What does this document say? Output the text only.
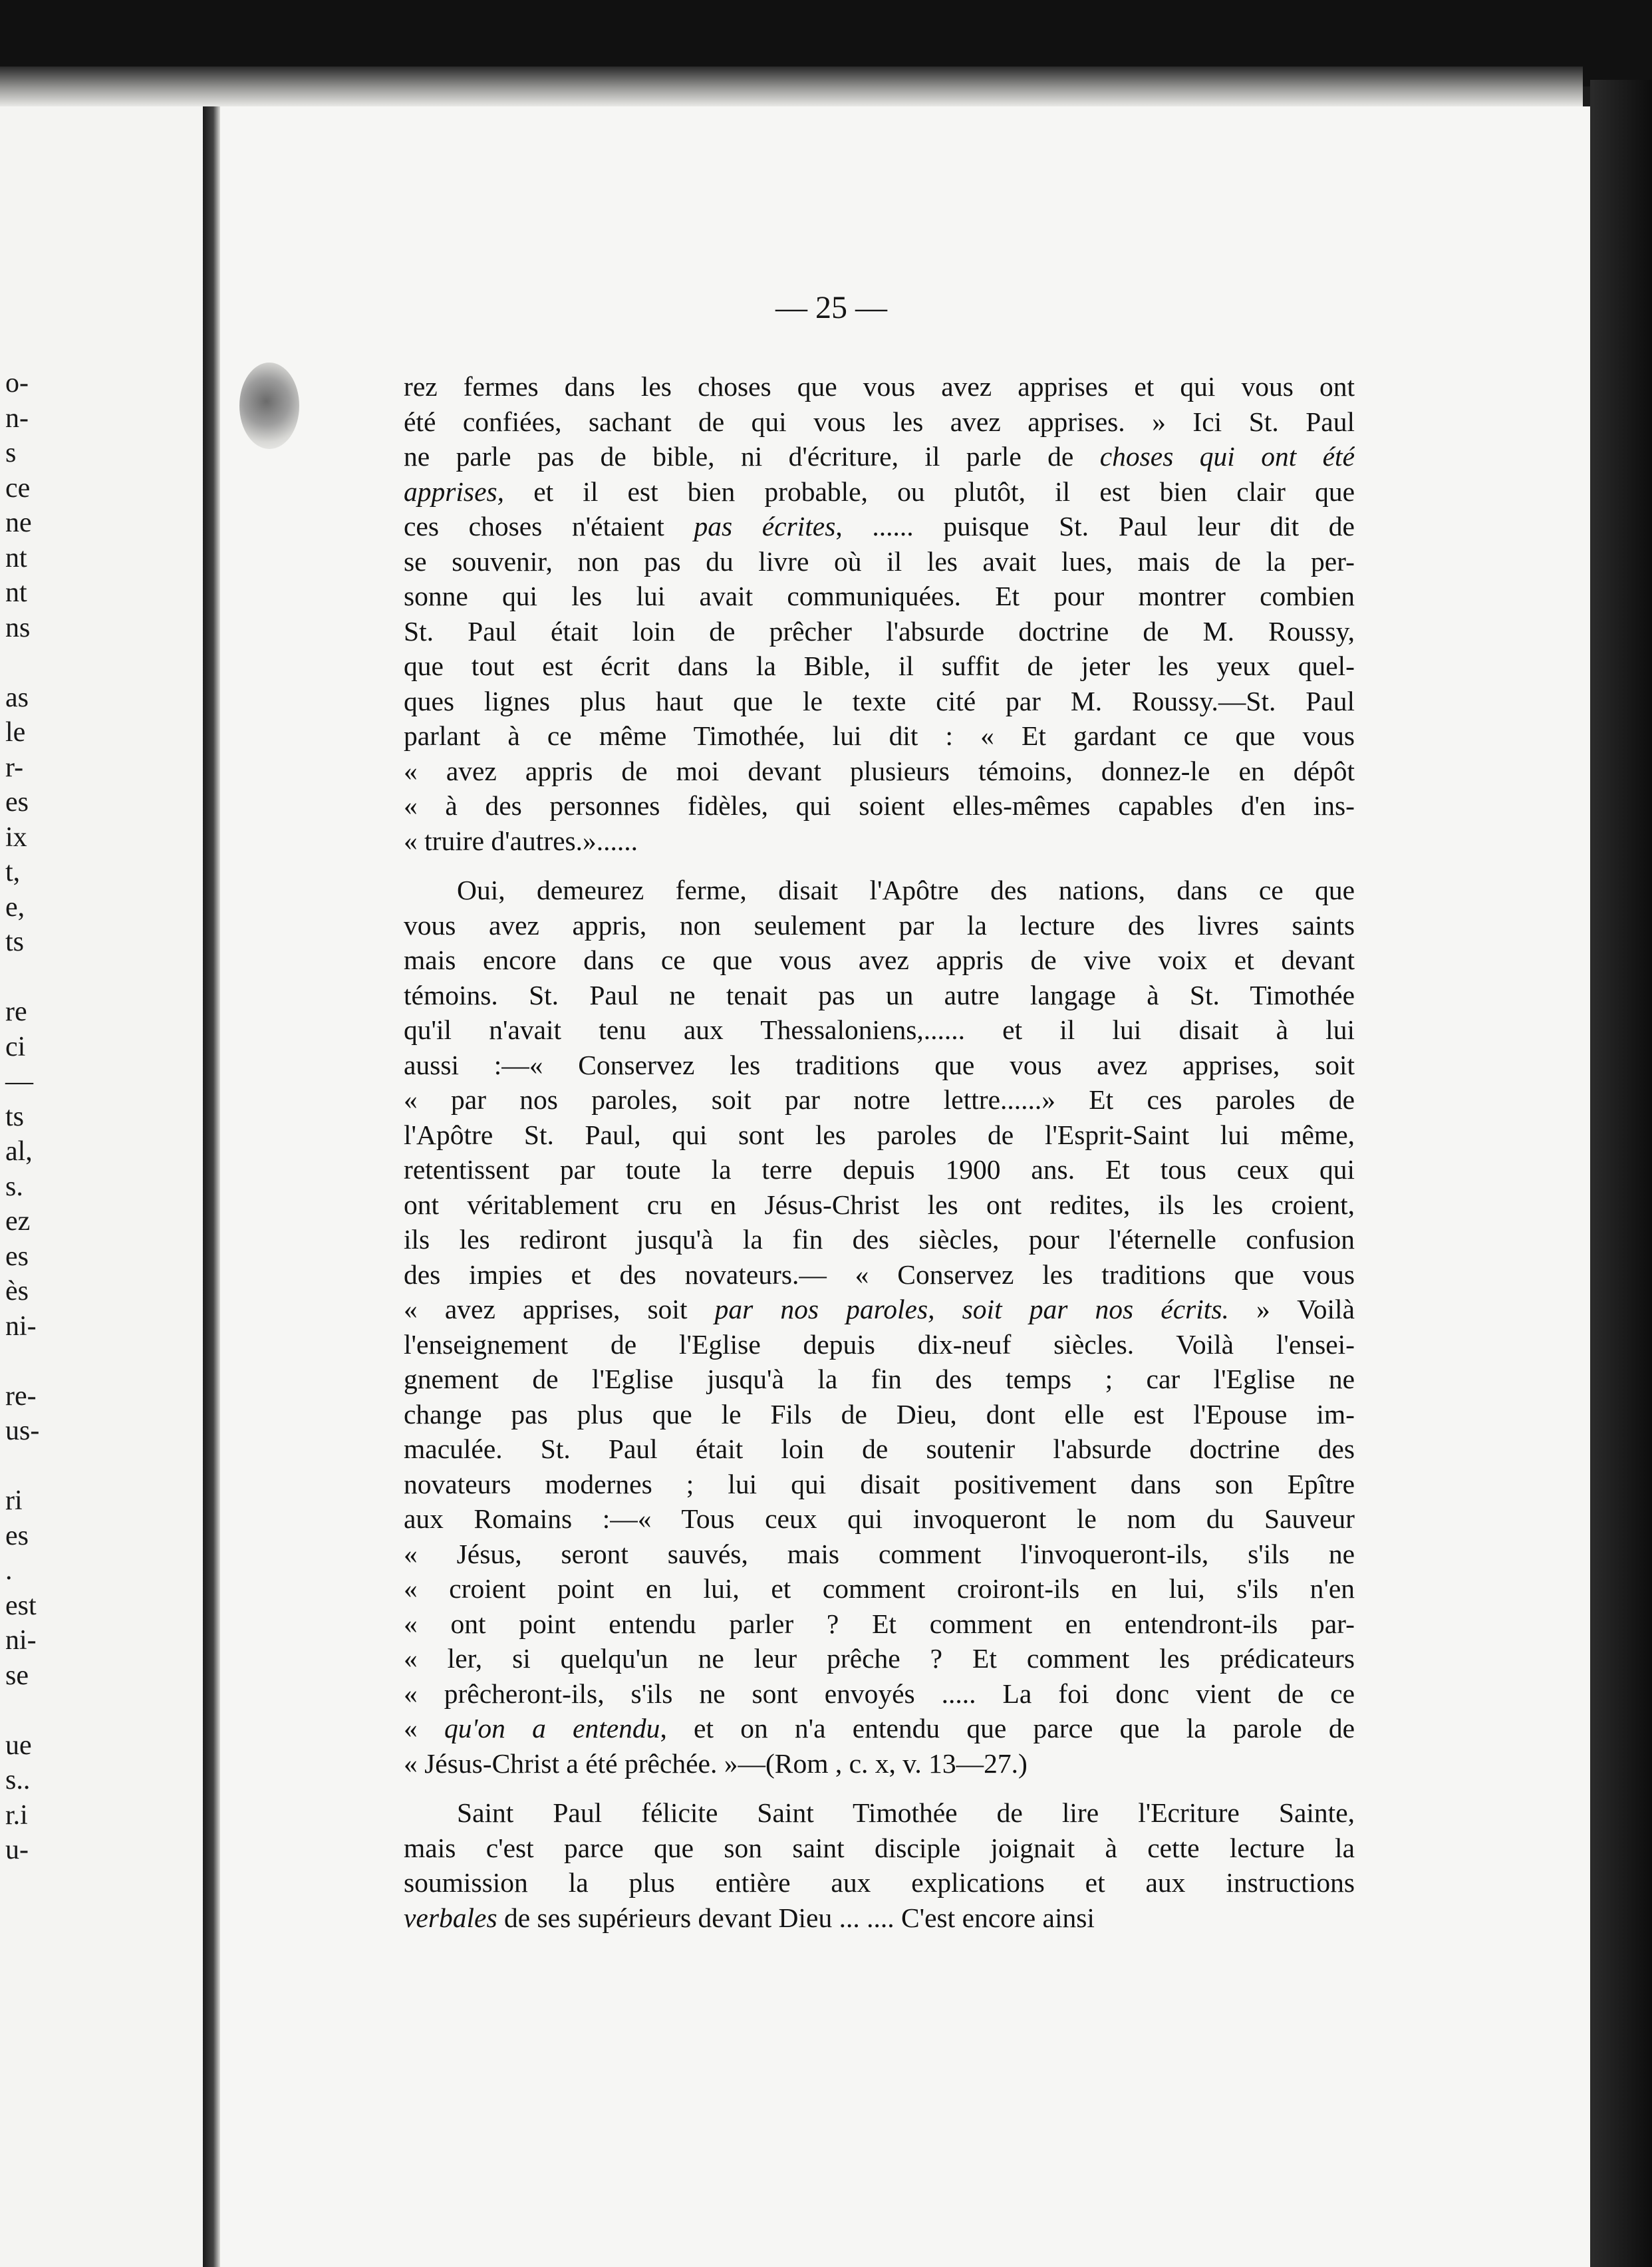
o-
n-
s
ce
ne
nt
nt
ns
as
le
r-
es
ix
t,
e,
ts
re
ci
—
ts
al,
s.
ez
es
ès
ni-
re-
us-
ri
es
.
est
ni-
se
ue
s..
r.i
u-
— 25 —
rez fermes dans les choses que vous avez apprises et qui vous ont
été confiées, sachant de qui vous les avez apprises. » Ici St. Paul
ne parle pas de bible, ni d'écriture, il parle de choses qui ont été
apprises, et il est bien probable, ou plutôt, il est bien clair que
ces choses n'étaient pas écrites, ...... puisque St. Paul leur dit de
se souvenir, non pas du livre où il les avait lues, mais de la per-
sonne qui les lui avait communiquées. Et pour montrer combien
St. Paul était loin de prêcher l'absurde doctrine de M. Roussy,
que tout est écrit dans la Bible, il suffit de jeter les yeux quel-
ques lignes plus haut que le texte cité par M. Roussy.—St. Paul
parlant à ce même Timothée, lui dit : « Et gardant ce que vous
« avez appris de moi devant plusieurs témoins, donnez-le en dépôt
« à des personnes fidèles, qui soient elles-mêmes capables d'en ins-
« truire d'autres.»......
Oui, demeurez ferme, disait l'Apôtre des nations, dans ce que
vous avez appris, non seulement par la lecture des livres saints
mais encore dans ce que vous avez appris de vive voix et devant
témoins. St. Paul ne tenait pas un autre langage à St. Timothée
qu'il n'avait tenu aux Thessaloniens,...... et il lui disait à lui
aussi :—« Conservez les traditions que vous avez apprises, soit
« par nos paroles, soit par notre lettre......» Et ces paroles de
l'Apôtre St. Paul, qui sont les paroles de l'Esprit-Saint lui même,
retentissent par toute la terre depuis 1900 ans. Et tous ceux qui
ont véritablement cru en Jésus-Christ les ont redites, ils les croient,
ils les rediront jusqu'à la fin des siècles, pour l'éternelle confusion
des impies et des novateurs.— « Conservez les traditions que vous
« avez apprises, soit par nos paroles, soit par nos écrits. » Voilà
l'enseignement de l'Eglise depuis dix-neuf siècles. Voilà l'ensei-
gnement de l'Eglise jusqu'à la fin des temps ; car l'Eglise ne
change pas plus que le Fils de Dieu, dont elle est l'Epouse im-
maculée. St. Paul était loin de soutenir l'absurde doctrine des
novateurs modernes ; lui qui disait positivement dans son Epître
aux Romains :—« Tous ceux qui invoqueront le nom du Sauveur
« Jésus, seront sauvés, mais comment l'invoqueront-ils, s'ils ne
« croient point en lui, et comment croiront-ils en lui, s'ils n'en
« ont point entendu parler ? Et comment en entendront-ils par-
« ler, si quelqu'un ne leur prêche ? Et comment les prédicateurs
« prêcheront-ils, s'ils ne sont envoyés ..... La foi donc vient de ce
« qu'on a entendu, et on n'a entendu que parce que la parole de
« Jésus-Christ a été prêchée. »—(Rom , c. x, v. 13—27.)
Saint Paul félicite Saint Timothée de lire l'Ecriture Sainte,
mais c'est parce que son saint disciple joignait à cette lecture la
soumission la plus entière aux explications et aux instructions
verbales de ses supérieurs devant Dieu ... .... C'est encore ainsi
